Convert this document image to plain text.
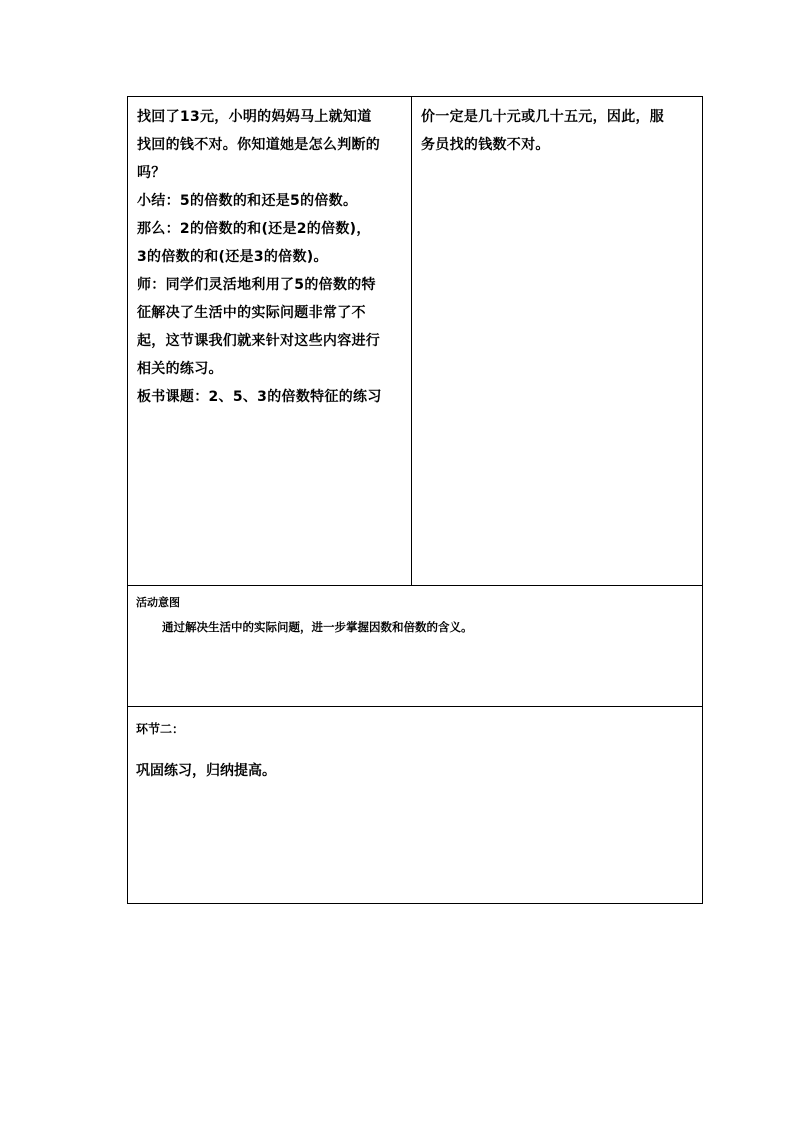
找回了13元，小明的妈妈马上就知道
找回的钱不对。你知道她是怎么判断的
吗？
小结：5的倍数的和还是5的倍数。
那么：2的倍数的和(还是2的倍数)，
3的倍数的和(还是3的倍数)。
师：同学们灵活地利用了5的倍数的特
征解决了生活中的实际问题非常了不
起，这节课我们就来针对这些内容进行
相关的练习。
板书课题：2、5、3的倍数特征的练习
价一定是几十元或几十五元，因此，服
务员找的钱数不对。
活动意图
通过解决生活中的实际问题，进一步掌握因数和倍数的含义。
环节二：
巩固练习，归纳提高。
